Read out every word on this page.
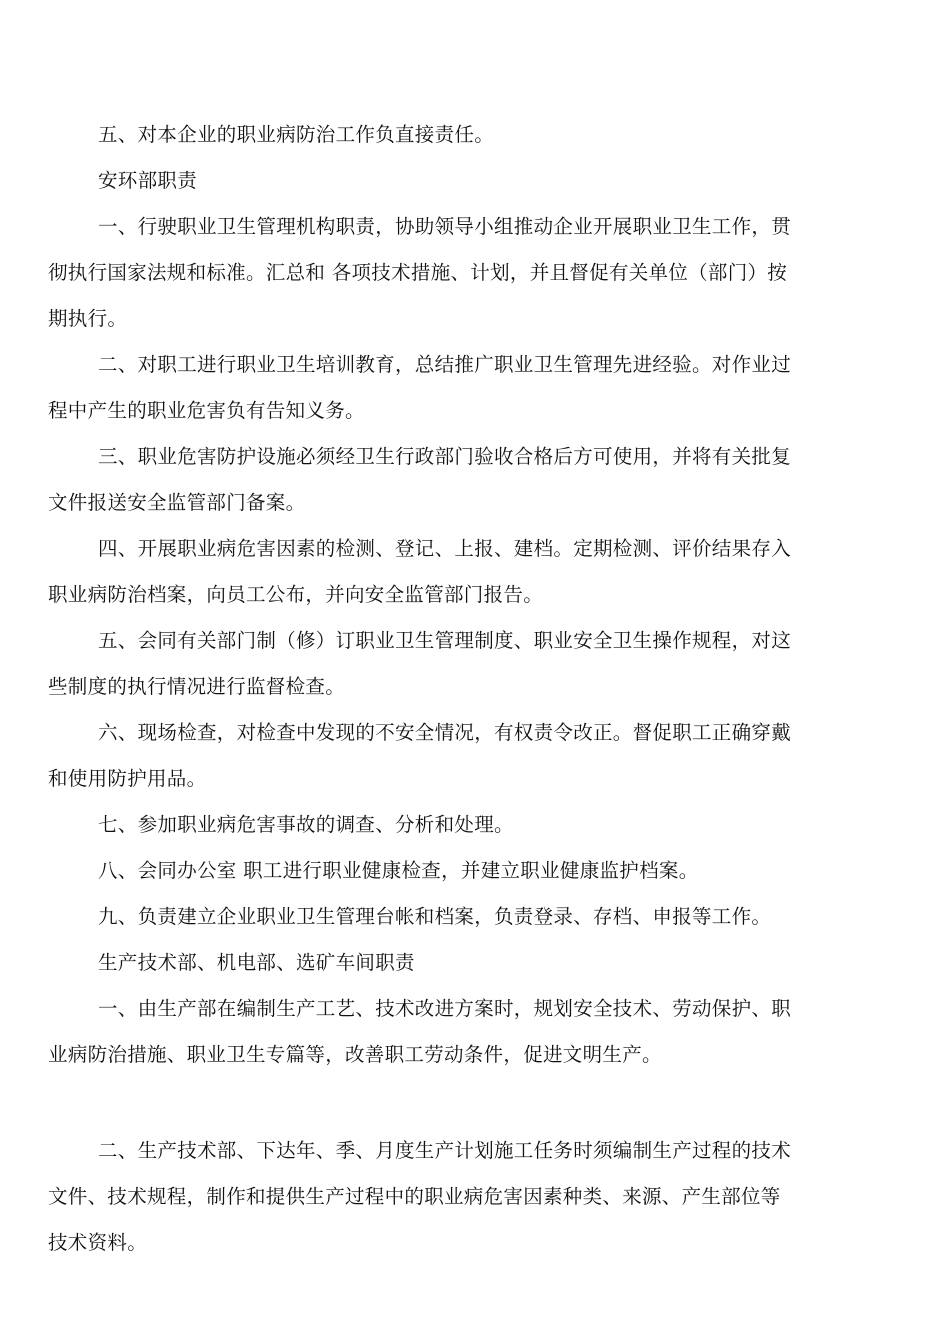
五、对本企业的职业病防治工作负直接责任。
安环部职责
一、行驶职业卫生管理机构职责，协助领导小组推动企业开展职业卫生工作，贯
彻执行国家法规和标准。汇总和 各项技术措施、计划，并且督促有关单位（部门）按
期执行。
二、对职工进行职业卫生培训教育，总结推广职业卫生管理先进经验。对作业过
程中产生的职业危害负有告知义务。
三、职业危害防护设施必须经卫生行政部门验收合格后方可使用，并将有关批复
文件报送安全监管部门备案。
四、开展职业病危害因素的检测、登记、上报、建档。定期检测、评价结果存入
职业病防治档案，向员工公布，并向安全监管部门报告。
五、会同有关部门制（修）订职业卫生管理制度、职业安全卫生操作规程，对这
些制度的执行情况进行监督检查。
六、现场检查，对检查中发现的不安全情况，有权责令改正。督促职工正确穿戴
和使用防护用品。
七、参加职业病危害事故的调查、分析和处理。
八、会同办公室 职工进行职业健康检查，并建立职业健康监护档案。
九、负责建立企业职业卫生管理台帐和档案，负责登录、存档、申报等工作。
生产技术部、机电部、选矿车间职责
一、由生产部在编制生产工艺、技术改进方案时，规划安全技术、劳动保护、职
业病防治措施、职业卫生专篇等，改善职工劳动条件，促进文明生产。
二、生产技术部、下达年、季、月度生产计划施工任务时须编制生产过程的技术
文件、技术规程，制作和提供生产过程中的职业病危害因素种类、来源、产生部位等
技术资料。
